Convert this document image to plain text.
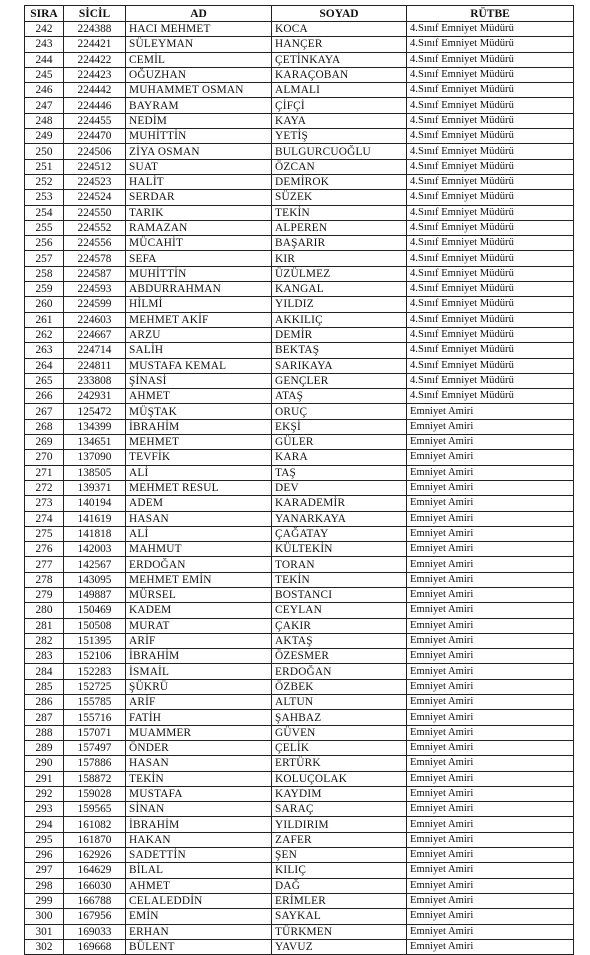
SIRA	SİCİL	AD	SOYAD	RÜTBE
242	224388	HACI MEHMET	KOCA	4.Sınıf Emniyet Müdürü
243	224421	SÜLEYMAN	HANÇER	4.Sınıf Emniyet Müdürü
244	224422	CEMİL	ÇETİNKAYA	4.Sınıf Emniyet Müdürü
245	224423	OĞUZHAN	KARAÇOBAN	4.Sınıf Emniyet Müdürü
246	224442	MUHAMMET OSMAN	ALMALI	4.Sınıf Emniyet Müdürü
247	224446	BAYRAM	ÇİFÇİ	4.Sınıf Emniyet Müdürü
248	224455	NEDİM	KAYA	4.Sınıf Emniyet Müdürü
249	224470	MUHİTTİN	YETİŞ	4.Sınıf Emniyet Müdürü
250	224506	ZİYA OSMAN	BULGURCUOĞLU	4.Sınıf Emniyet Müdürü
251	224512	SUAT	ÖZCAN	4.Sınıf Emniyet Müdürü
252	224523	HALİT	DEMİROK	4.Sınıf Emniyet Müdürü
253	224524	SERDAR	SÜZEK	4.Sınıf Emniyet Müdürü
254	224550	TARIK	TEKİN	4.Sınıf Emniyet Müdürü
255	224552	RAMAZAN	ALPEREN	4.Sınıf Emniyet Müdürü
256	224556	MÜCAHİT	BAŞARIR	4.Sınıf Emniyet Müdürü
257	224578	SEFA	KIR	4.Sınıf Emniyet Müdürü
258	224587	MUHİTTİN	ÜZÜLMEZ	4.Sınıf Emniyet Müdürü
259	224593	ABDURRAHMAN	KANGAL	4.Sınıf Emniyet Müdürü
260	224599	HİLMİ	YILDIZ	4.Sınıf Emniyet Müdürü
261	224603	MEHMET AKİF	AKKILIÇ	4.Sınıf Emniyet Müdürü
262	224667	ARZU	DEMİR	4.Sınıf Emniyet Müdürü
263	224714	SALİH	BEKTAŞ	4.Sınıf Emniyet Müdürü
264	224811	MUSTAFA KEMAL	SARIKAYA	4.Sınıf Emniyet Müdürü
265	233808	ŞİNASİ	GENÇLER	4.Sınıf Emniyet Müdürü
266	242931	AHMET	ATAŞ	4.Sınıf Emniyet Müdürü
267	125472	MÜŞTAK	ORUÇ	Emniyet Amiri
268	134399	İBRAHİM	EKŞİ	Emniyet Amiri
269	134651	MEHMET	GÜLER	Emniyet Amiri
270	137090	TEVFİK	KARA	Emniyet Amiri
271	138505	ALİ	TAŞ	Emniyet Amiri
272	139371	MEHMET RESUL	DEV	Emniyet Amiri
273	140194	ADEM	KARADEMİR	Emniyet Amiri
274	141619	HASAN	YANARKAYA	Emniyet Amiri
275	141818	ALİ	ÇAĞATAY	Emniyet Amiri
276	142003	MAHMUT	KÜLTEKİN	Emniyet Amiri
277	142567	ERDOĞAN	TORAN	Emniyet Amiri
278	143095	MEHMET EMİN	TEKİN	Emniyet Amiri
279	149887	MÜRSEL	BOSTANCI	Emniyet Amiri
280	150469	KADEM	CEYLAN	Emniyet Amiri
281	150508	MURAT	ÇAKIR	Emniyet Amiri
282	151395	ARİF	AKTAŞ	Emniyet Amiri
283	152106	İBRAHİM	ÖZESMER	Emniyet Amiri
284	152283	İSMAİL	ERDOĞAN	Emniyet Amiri
285	152725	ŞÜKRÜ	ÖZBEK	Emniyet Amiri
286	155785	ARİF	ALTUN	Emniyet Amiri
287	155716	FATİH	ŞAHBAZ	Emniyet Amiri
288	157071	MUAMMER	GÜVEN	Emniyet Amiri
289	157497	ÖNDER	ÇELİK	Emniyet Amiri
290	157886	HASAN	ERTÜRK	Emniyet Amiri
291	158872	TEKİN	KOLUÇOLAK	Emniyet Amiri
292	159028	MUSTAFA	KAYDIM	Emniyet Amiri
293	159565	SİNAN	SARAÇ	Emniyet Amiri
294	161082	İBRAHİM	YILDIRIM	Emniyet Amiri
295	161870	HAKAN	ZAFER	Emniyet Amiri
296	162926	SADETTİN	ŞEN	Emniyet Amiri
297	164629	BİLAL	KILIÇ	Emniyet Amiri
298	166030	AHMET	DAĞ	Emniyet Amiri
299	166788	CELALEDDİN	ERİMLER	Emniyet Amiri
300	167956	EMİN	SAYKAL	Emniyet Amiri
301	169033	ERHAN	TÜRKMEN	Emniyet Amiri
302	169668	BÜLENT	YAVUZ	Emniyet Amiri
